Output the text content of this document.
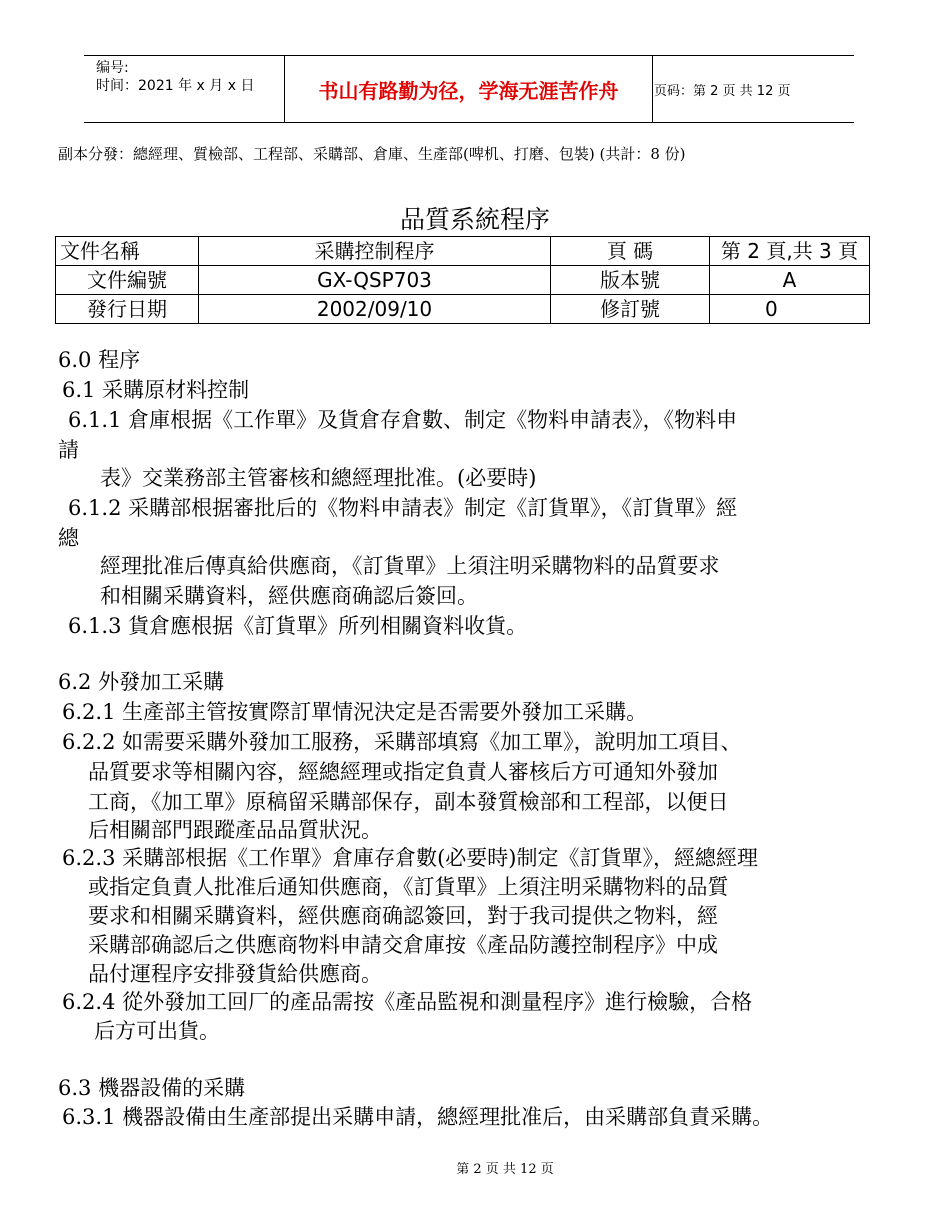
编号:
时间：2021 年 x 月 x 日	书山有路勤为径，学海无涯苦作舟	页码：第 2 页 共 12 页
副本分發：總經理、質檢部、工程部、采購部、倉庫、生產部(啤机、打磨、包裝) (共計：8 份)
品質系統程序
文件名稱	采購控制程序	頁 碼	第 2 頁,共 3 頁
文件編號	GX-QSP703	版本號	A
發行日期	2002/09/10	修訂號	0
6.0 程序
6.1 采購原材料控制
6.1.1 倉庫根据《工作單》及貨倉存倉數、制定《物料申請表》，《物料申
請
表》交業務部主管審核和總經理批准。(必要時)
6.1.2 采購部根据審批后的《物料申請表》制定《訂貨單》，《訂貨單》經
總
經理批准后傳真給供應商，《訂貨單》上須注明采購物料的品質要求
和相關采購資料，經供應商确認后簽回。
6.1.3 貨倉應根据《訂貨單》所列相關資料收貨。
6.2 外發加工采購
6.2.1 生產部主管按實際訂單情況決定是否需要外發加工采購。
6.2.2 如需要采購外發加工服務，采購部填寫《加工單》，說明加工項目、
品質要求等相關內容，經總經理或指定負責人審核后方可通知外發加
工商，《加工單》原稿留采購部保存，副本發質檢部和工程部，以便日
后相關部門跟蹤產品品質狀況。
6.2.3 采購部根据《工作單》倉庫存倉數(必要時)制定《訂貨單》，經總經理
或指定負責人批准后通知供應商，《訂貨單》上須注明采購物料的品質
要求和相關采購資料，經供應商确認簽回，對于我司提供之物料，經
采購部确認后之供應商物料申請交倉庫按《產品防護控制程序》中成
品付運程序安排發貨給供應商。
6.2.4 從外發加工回厂的產品需按《產品監視和測量程序》進行檢驗，合格
后方可出貨。
6.3 機器設備的采購
6.3.1 機器設備由生產部提出采購申請，總經理批准后，由采購部負責采購。
第 2 页 共 12 页
